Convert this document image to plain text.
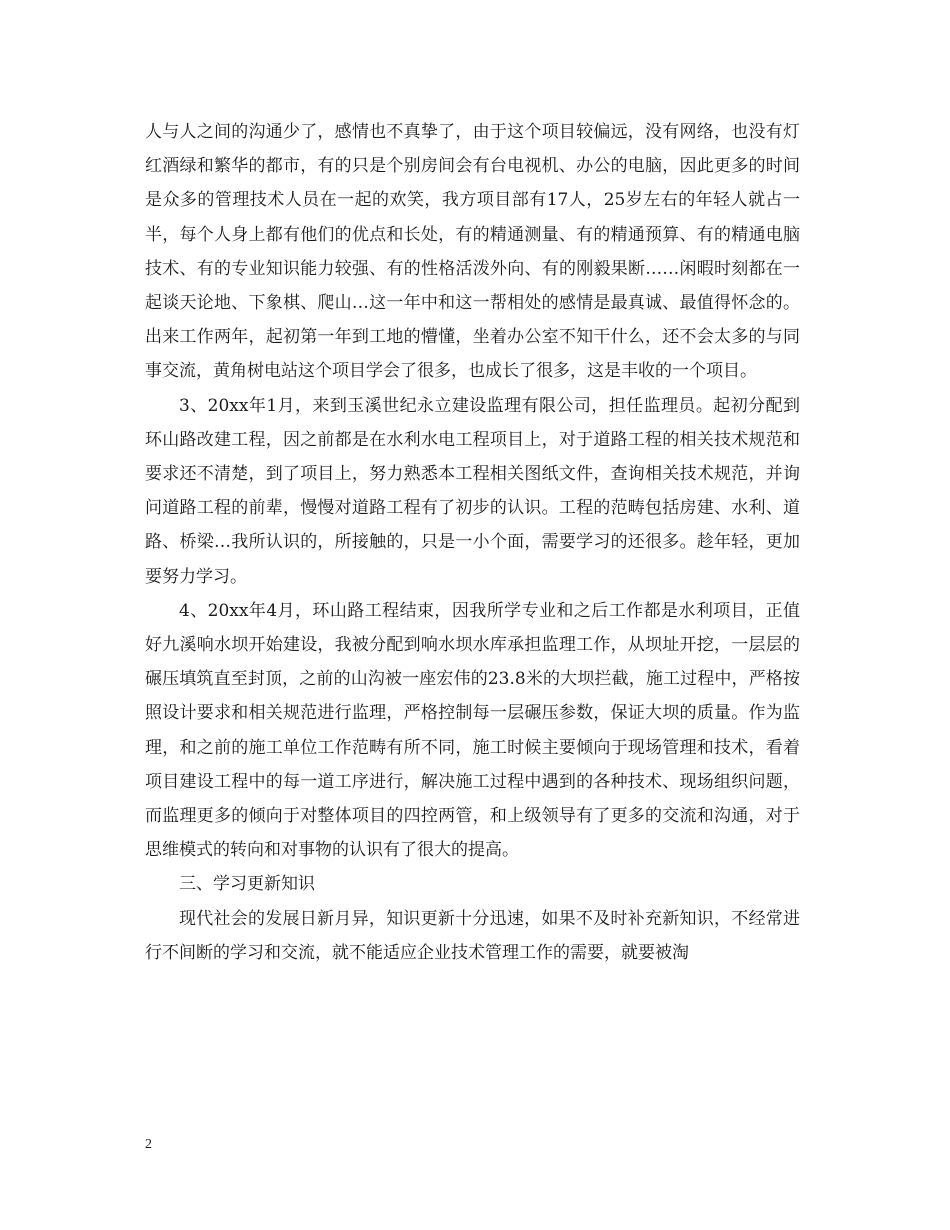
人与人之间的沟通少了，感情也不真挚了，由于这个项目较偏远，没有网络，也没有灯红酒绿和繁华的都市，有的只是个别房间会有台电视机、办公的电脑，因此更多的时间是众多的管理技术人员在一起的欢笑，我方项目部有17人，25岁左右的年轻人就占一半，每个人身上都有他们的优点和长处，有的精通测量、有的精通预算、有的精通电脑技术、有的专业知识能力较强、有的性格活泼外向、有的刚毅果断……闲暇时刻都在一起谈天论地、下象棋、爬山…这一年中和这一帮相处的感情是最真诚、最值得怀念的。出来工作两年，起初第一年到工地的懵懂，坐着办公室不知干什么，还不会太多的与同事交流，黄角树电站这个项目学会了很多，也成长了很多，这是丰收的一个项目。

3、20xx年1月，来到玉溪世纪永立建设监理有限公司，担任监理员。起初分配到环山路改建工程，因之前都是在水利水电工程项目上，对于道路工程的相关技术规范和要求还不清楚，到了项目上，努力熟悉本工程相关图纸文件，查询相关技术规范，并询问道路工程的前辈，慢慢对道路工程有了初步的认识。工程的范畴包括房建、水利、道路、桥梁…我所认识的，所接触的，只是一小个面，需要学习的还很多。趁年轻，更加要努力学习。

4、20xx年4月，环山路工程结束，因我所学专业和之后工作都是水利项目，正值好九溪响水坝开始建设，我被分配到响水坝水库承担监理工作，从坝址开挖，一层层的碾压填筑直至封顶，之前的山沟被一座宏伟的23.8米的大坝拦截，施工过程中，严格按照设计要求和相关规范进行监理，严格控制每一层碾压参数，保证大坝的质量。作为监理，和之前的施工单位工作范畴有所不同，施工时候主要倾向于现场管理和技术，看着项目建设工程中的每一道工序进行，解决施工过程中遇到的各种技术、现场组织问题，而监理更多的倾向于对整体项目的四控两管，和上级领导有了更多的交流和沟通，对于思维模式的转向和对事物的认识有了很大的提高。

三、学习更新知识

现代社会的发展日新月异，知识更新十分迅速，如果不及时补充新知识，不经常进行不间断的学习和交流，就不能适应企业技术管理工作的需要，就要被淘

2
